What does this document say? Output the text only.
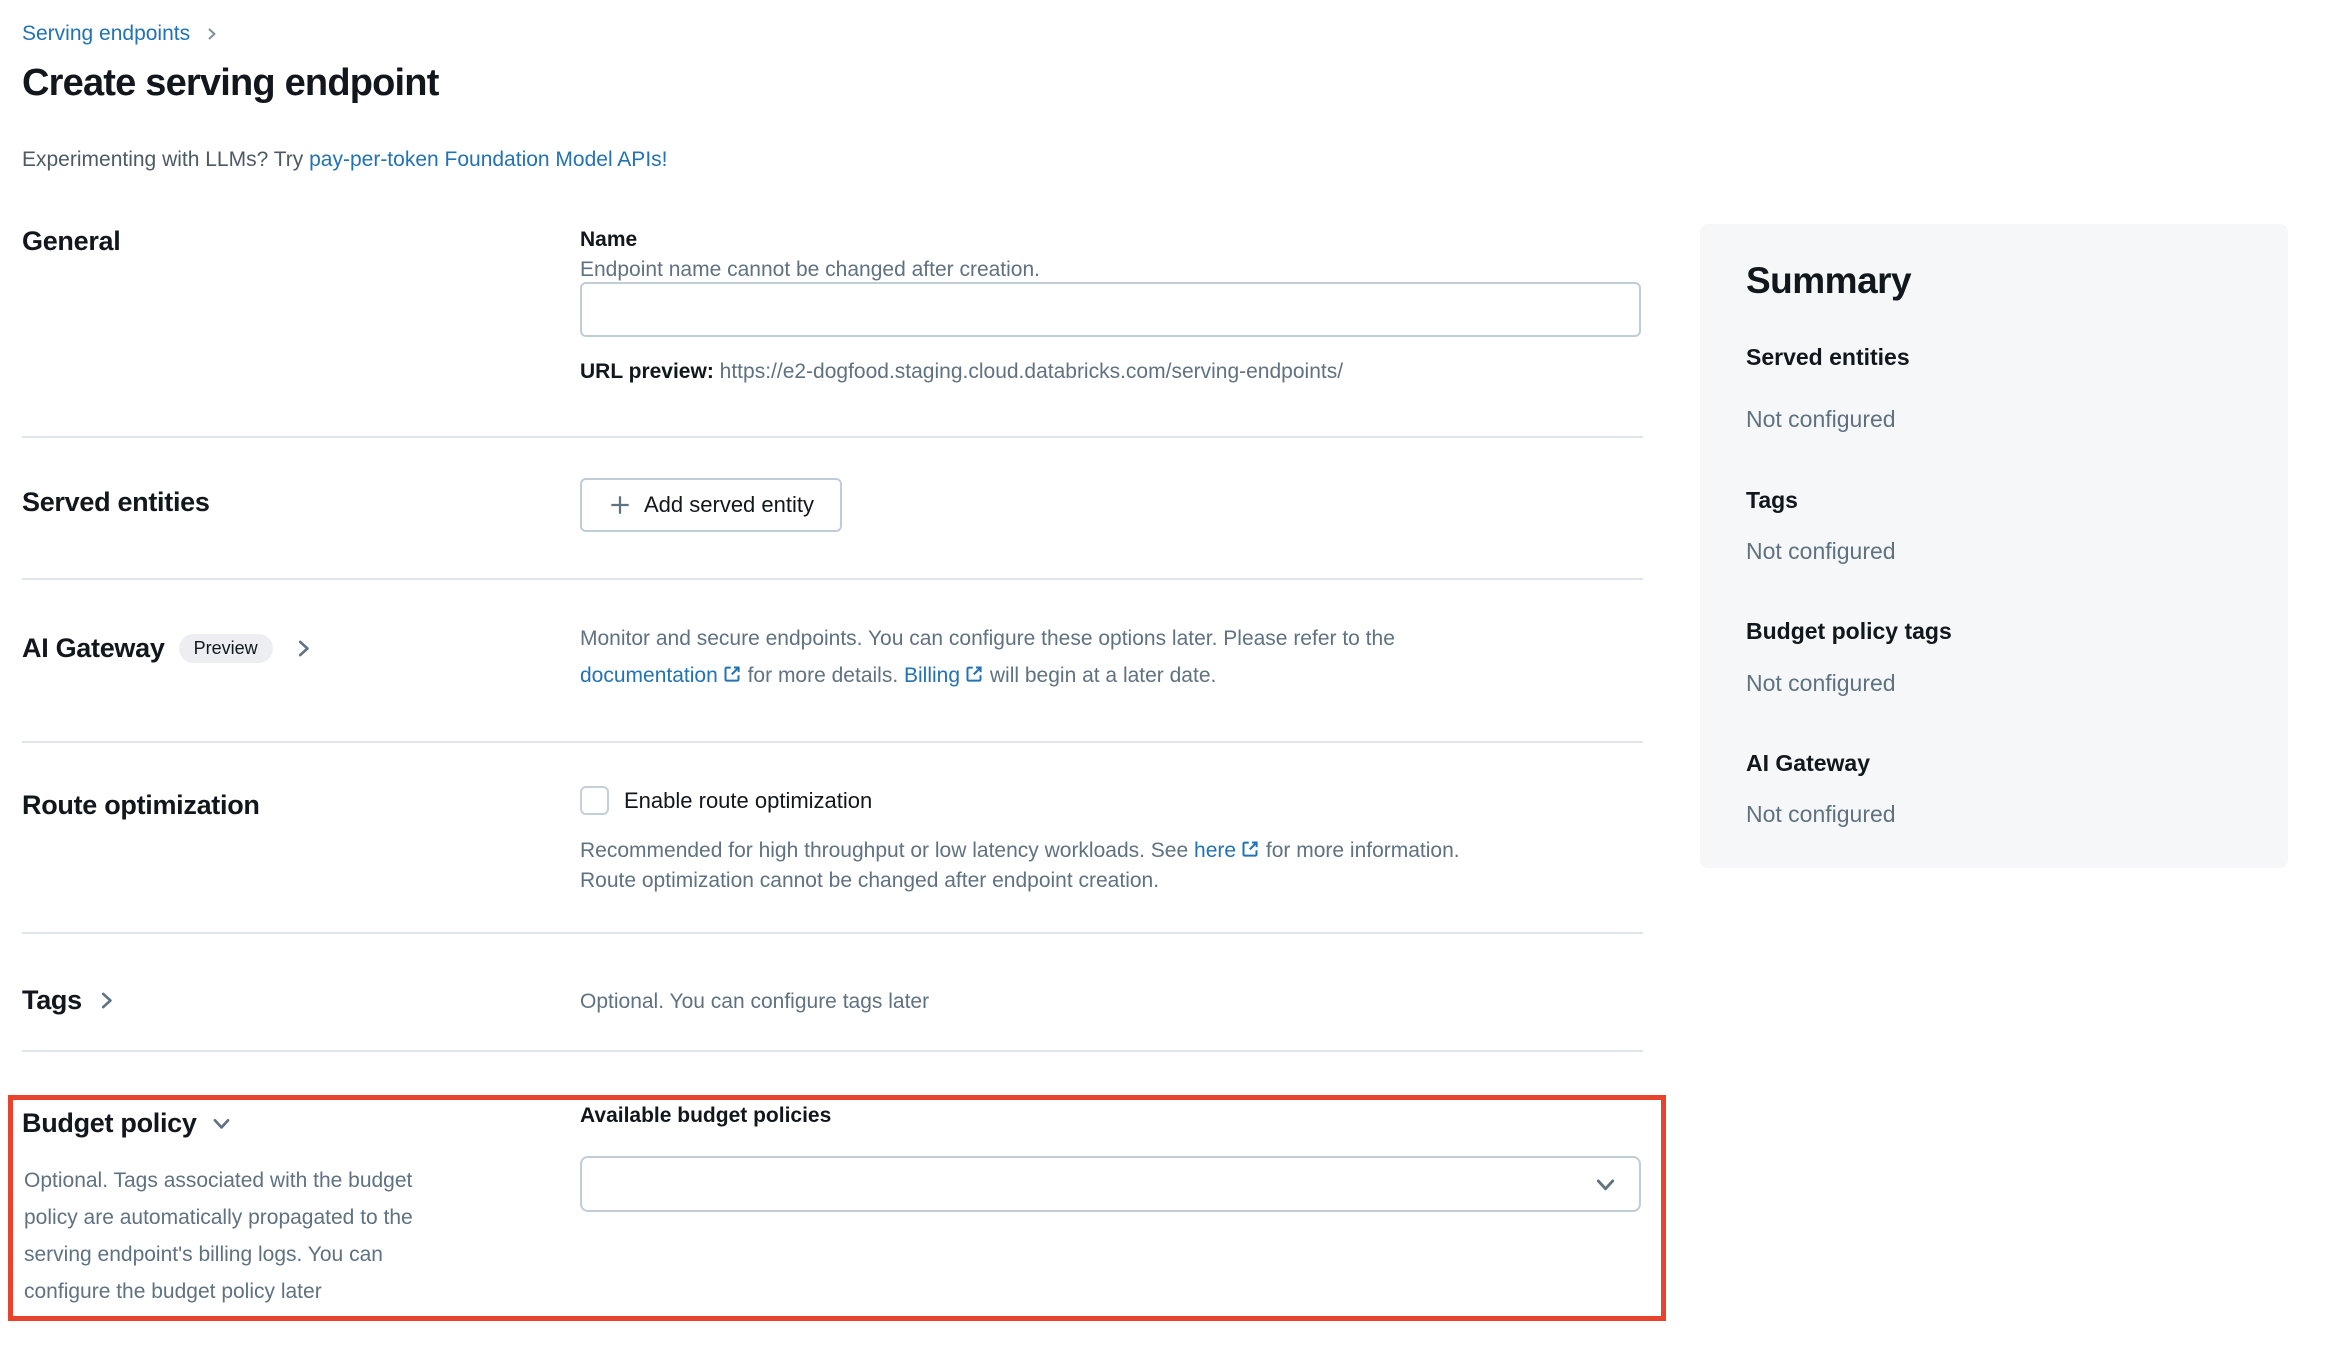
Serving endpoints
Create serving endpoint
Experimenting with LLMs? Try pay-per-token Foundation Model APIs!
General	Name
Endpoint name cannot be changed after creation.
URL preview: https://e2-dogfood.staging.cloud.databricks.com/serving-endpoints/
Served entities	Add served entity
AI Gateway	Preview	Monitor and secure endpoints. You can configure these options later. Please refer to the
documentation
for more details. Billing
will begin at a later date.
Route optimization	Enable route optimization
Recommended for high throughput or low latency workloads. See here
for more information.
Route optimization cannot be changed after endpoint creation.
Tags	Optional. You can configure tags later
Budget policy
Optional. Tags associated with the budget
policy are automatically propagated to the
serving endpoint's billing logs. You can
configure the budget policy later
Available budget policies
Summary
Served entities
Not configured
Tags
Not configured
Budget policy tags
Not configured
AI Gateway
Not configured
